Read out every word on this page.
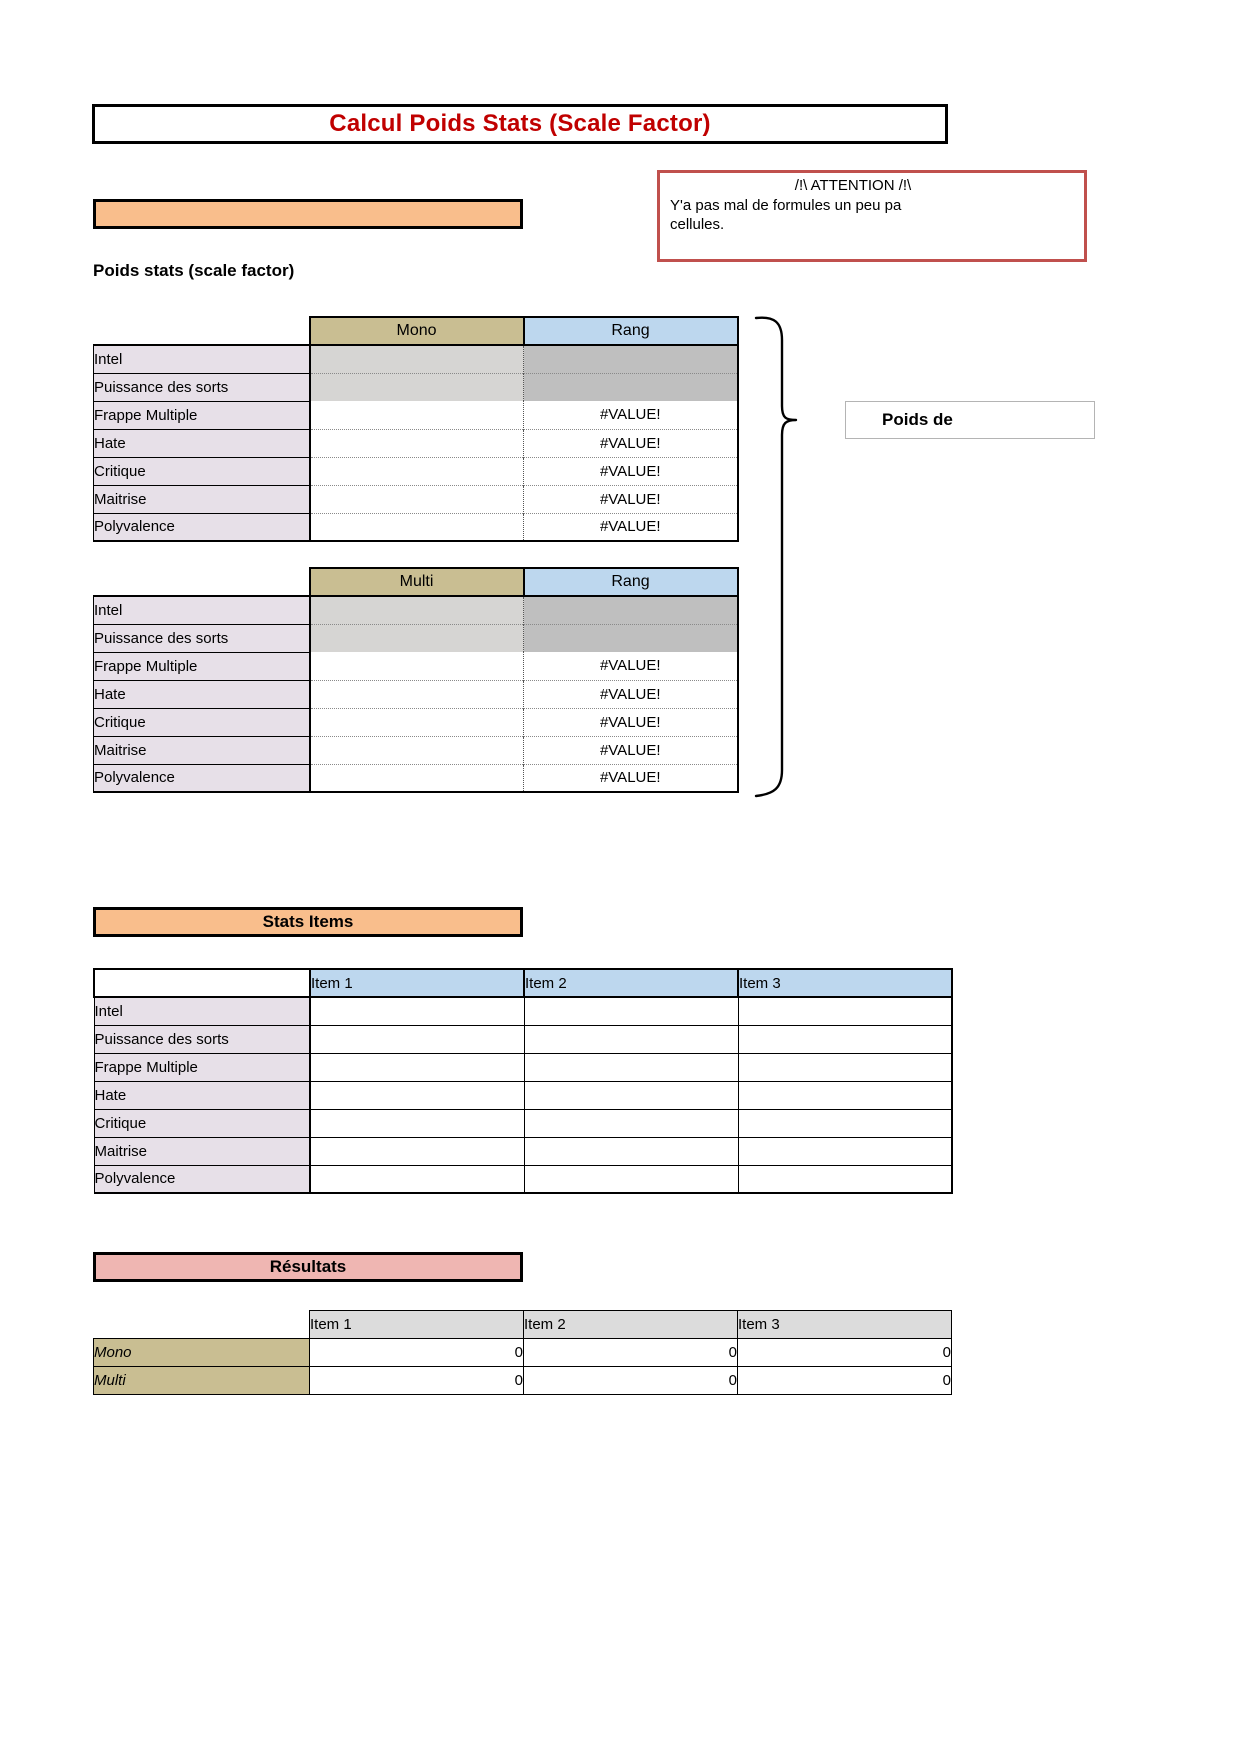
Calcul Poids Stats (Scale Factor)
/!\ ATTENTION /!\
Y'a pas mal de formules un peu pa
cellules.
Poids stats (scale factor)
	Mono	Rang
Intel		
Puissance des sorts		
Frappe Multiple		#VALUE!
Hate		#VALUE!
Critique		#VALUE!
Maitrise		#VALUE!
Polyvalence		#VALUE!
	Multi	Rang
Intel		
Puissance des sorts		
Frappe Multiple		#VALUE!
Hate		#VALUE!
Critique		#VALUE!
Maitrise		#VALUE!
Polyvalence		#VALUE!
Poids de
Stats Items
	Item 1	Item 2	Item 3
Intel			
Puissance des sorts			
Frappe Multiple			
Hate			
Critique			
Maitrise			
Polyvalence			
Résultats
	Item 1	Item 2	Item 3
Mono	0	0	0
Multi	0	0	0
